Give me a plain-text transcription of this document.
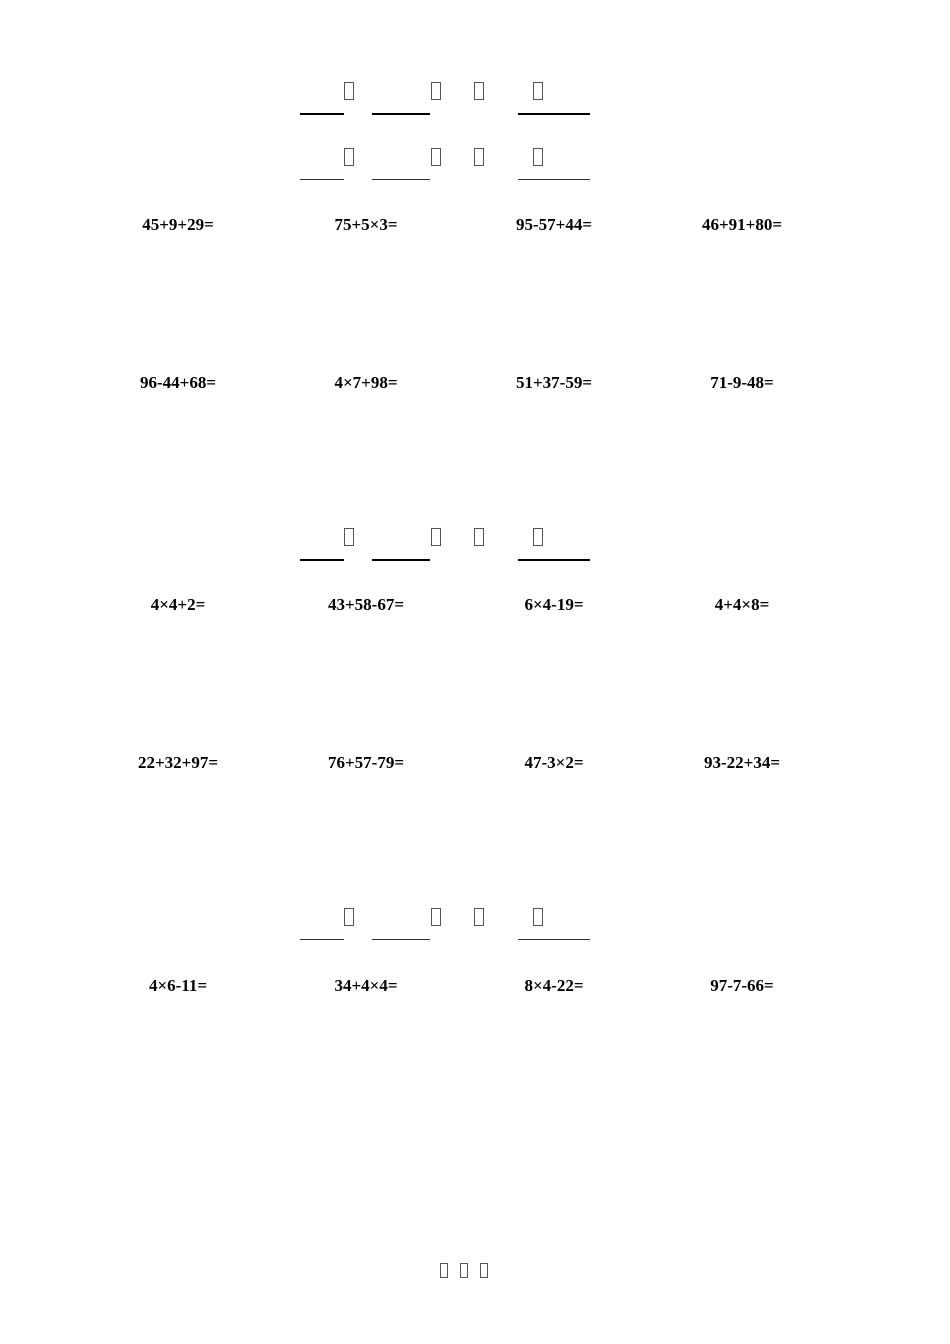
45+9+29=	75+5×3=	95-57+44=	46+91+80=
96-44+68=	4×7+98=	51+37-59=	71-9-48=
4×4+2=	43+58-67=	6×4-19=	4+4×8=
22+32+97=	76+57-79=	47-3×2=	93-22+34=
4×6-11=	34+4×4=	8×4-22=	97-7-66=
